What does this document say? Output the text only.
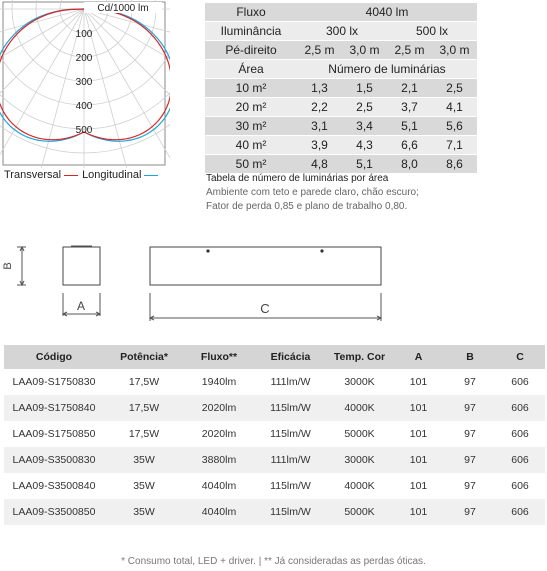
100
200
300
400
500
Cd/1000 lm
Transversal Longitudinal
Fluxo	4040 lm			
Iluminância	300 lx		500 lx	
Pé-direito	2,5 m	3,0 m	2,5 m	3,0 m
Área	Número de luminárias			
10 m²	1,3	1,5	2,1	2,5
20 m²	2,2	2,5	3,7	4,1
30 m²	3,1	3,4	5,1	5,6
40 m²	3,9	4,3	6,6	7,1
50 m²	4,8	5,1	8,0	8,6
Tabela de número de luminárias por área
Ambiente com teto e parede claro, chão escuro;
Fator de perda 0,85 e plano de trabalho 0,80.
B
A	C
Código	Potência*	Fluxo**	Eficácia	Temp. Cor	A	B	C
LAA09-S1750830	17,5W	1940lm	111lm/W	3000K	101	97	606
LAA09-S1750840	17,5W	2020lm	115lm/W	4000K	101	97	606
LAA09-S1750850	17,5W	2020lm	115lm/W	5000K	101	97	606
LAA09-S3500830	35W	3880lm	111lm/W	3000K	101	97	606
LAA09-S3500840	35W	4040lm	115lm/W	4000K	101	97	606
LAA09-S3500850	35W	4040lm	115lm/W	5000K	101	97	606
* Consumo total, LED + driver. | ** Já consideradas as perdas óticas.
